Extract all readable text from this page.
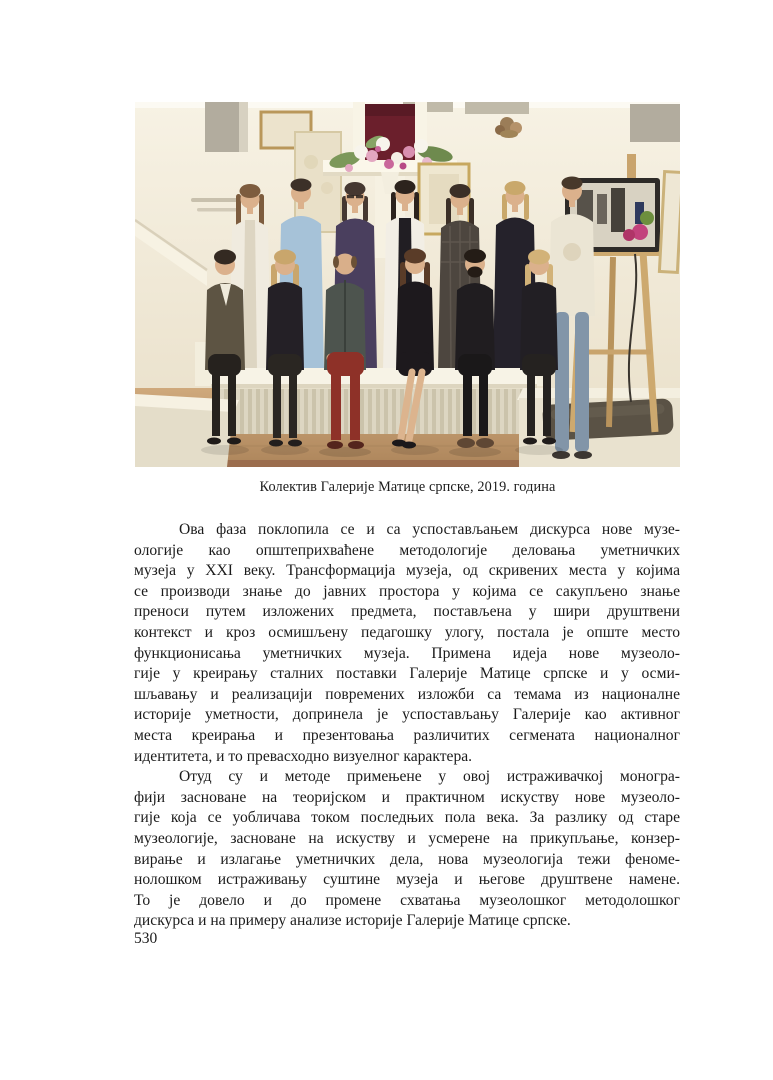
Колектив Галерије Матице српске, 2019. година
Ова фаза поклопила се и са успостављањем дискурса нове музе-
ологије као општеприхваћене методологије деловања уметничких
музеја у XXI веку. Трансформација музеја, од скривених места у којима
се производи знање до јавних простора у којима се сакупљено знање
преноси путем изложених предмета, постављена у шири друштвени
контекст и кроз осмишљену педагошку улогу, постала је опште место
функционисања уметничких музеја. Примена идеја нове музеоло-
гије у креирању сталних поставки Галерије Матице српске и у осми-
шљавању и реализацији повремених изложби са темама из националне
историје уметности, допринела је успостављању Галерије као активног
места креирања и презентовања различитих сегмената националног
идентитета, и то превасходно визуелног карактера.
Отуд су и методе примењене у овој истраживачкој моногра-
фији засноване на теоријском и практичном искуству нове музеоло-
гије која се уобличава током последњих пола века. За разлику од старе
музеологије, засноване на искуству и усмерене на прикупљање, конзер-
вирање и излагање уметничких дела, нова музеологија тежи феноме-
нолошком истраживању суштине музеја и његове друштвене намене.
То је довело и до промене схватања музеолошког методолошког
дискурса и на примеру анализе историје Галерије Матице српске.
530
